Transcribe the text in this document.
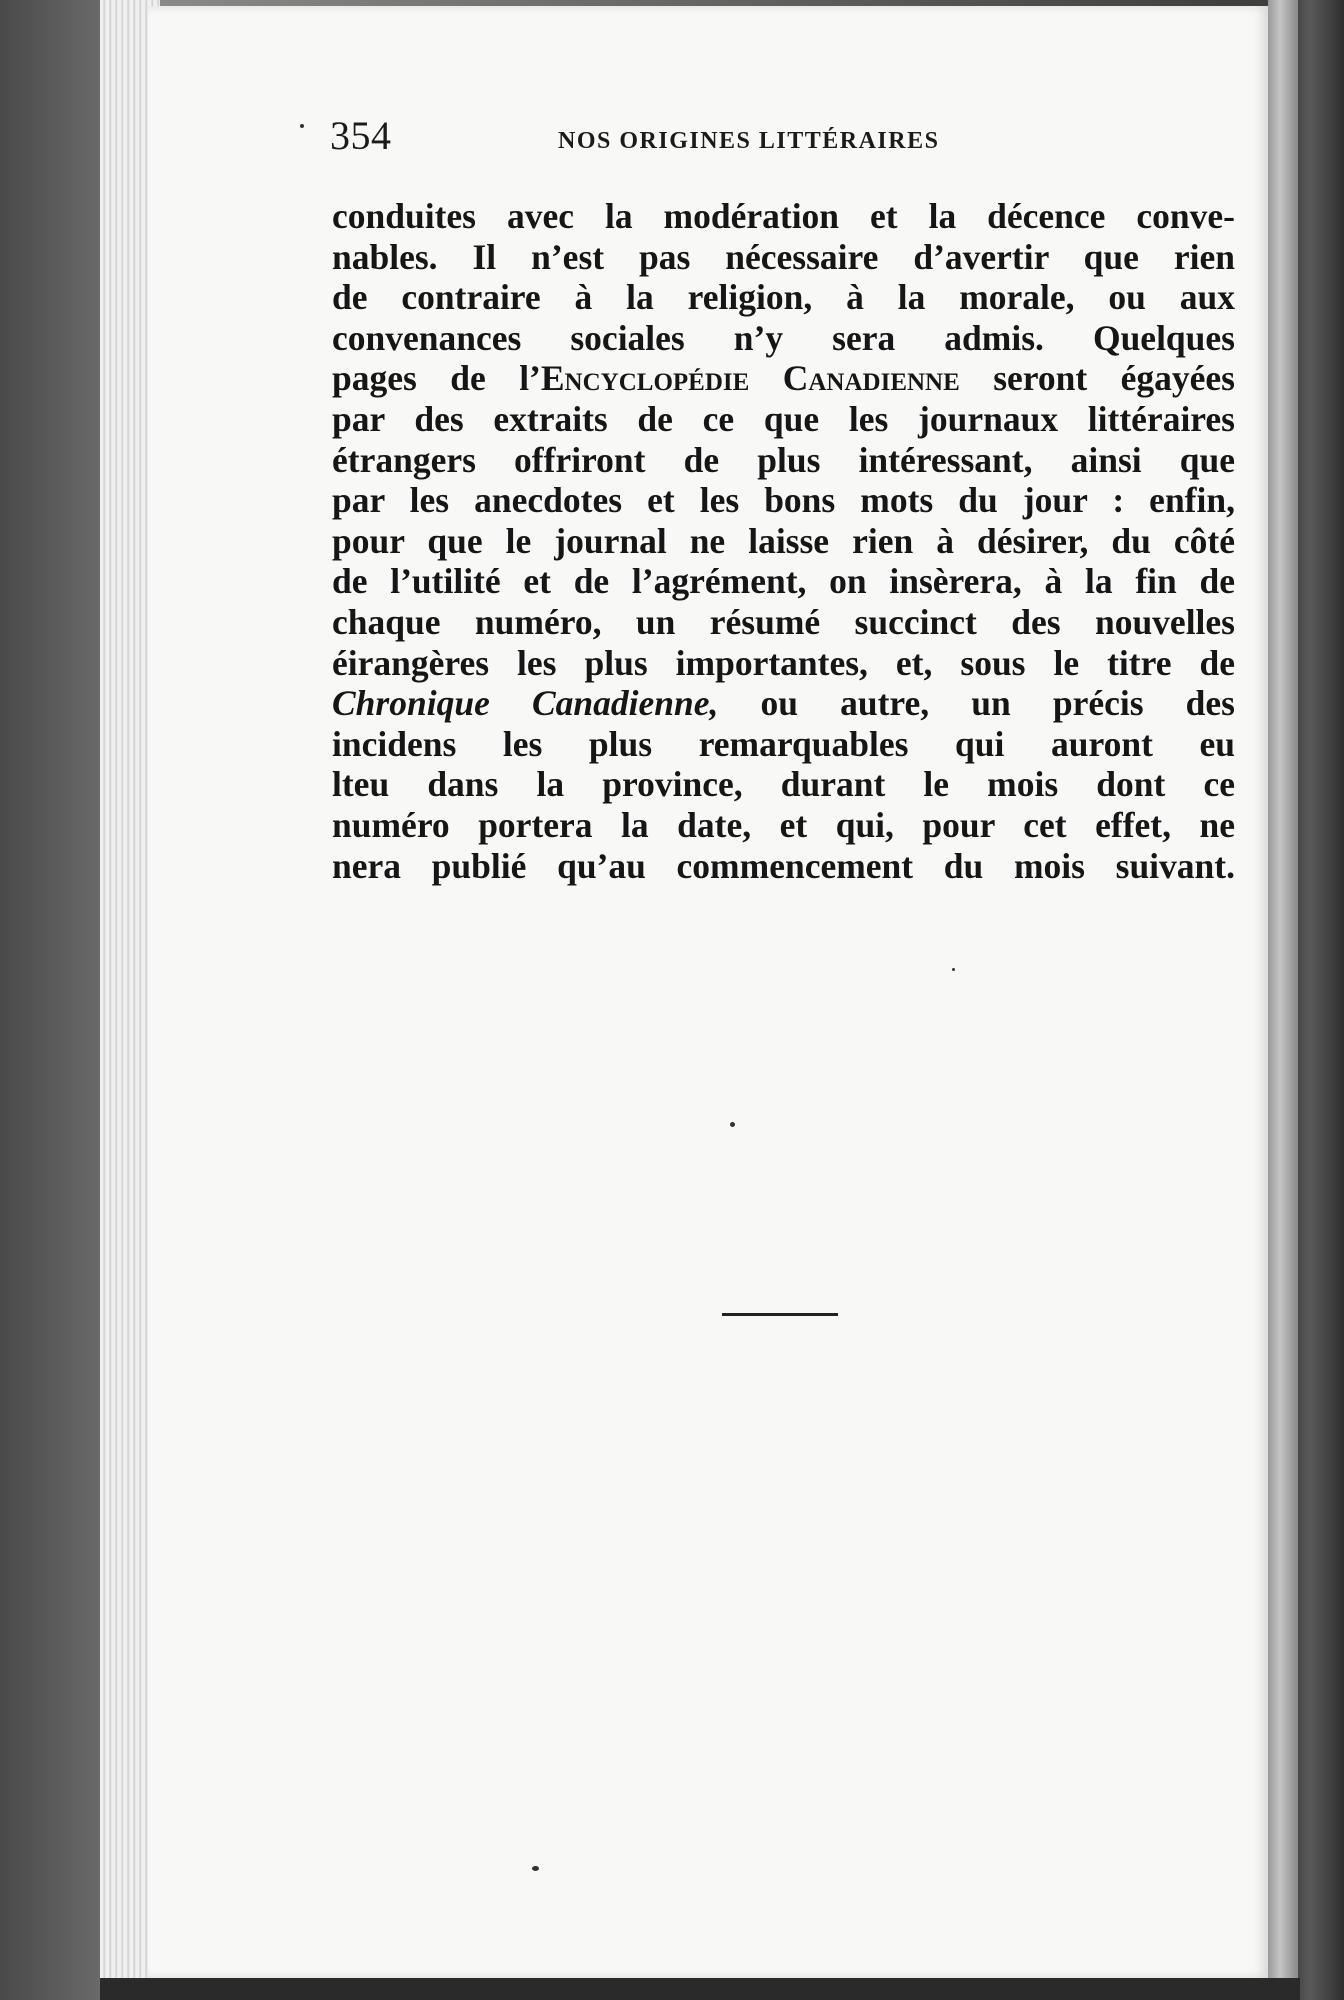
354	NOS ORIGINES LITTÉRAIRES
conduites avec la modération et la décence conve-
nables. Il n’est pas nécessaire d’avertir que rien
de contraire à la religion, à la morale, ou aux
convenances sociales n’y sera admis. Quelques
pages de l’Encyclopédie Canadienne seront égayées
par des extraits de ce que les journaux littéraires
étrangers offriront de plus intéressant, ainsi que
par les anecdotes et les bons mots du jour : enfin,
pour que le journal ne laisse rien à désirer, du côté
de l’utilité et de l’agrément, on insèrera, à la fin de
chaque numéro, un résumé succinct des nouvelles
éirangères les plus importantes, et, sous le titre de
Chronique Canadienne, ou autre, un précis des
incidens les plus remarquables qui auront eu
lteu dans la province, durant le mois dont ce
numéro portera la date, et qui, pour cet effet, ne
nera publié qu’au commencement du mois suivant.
